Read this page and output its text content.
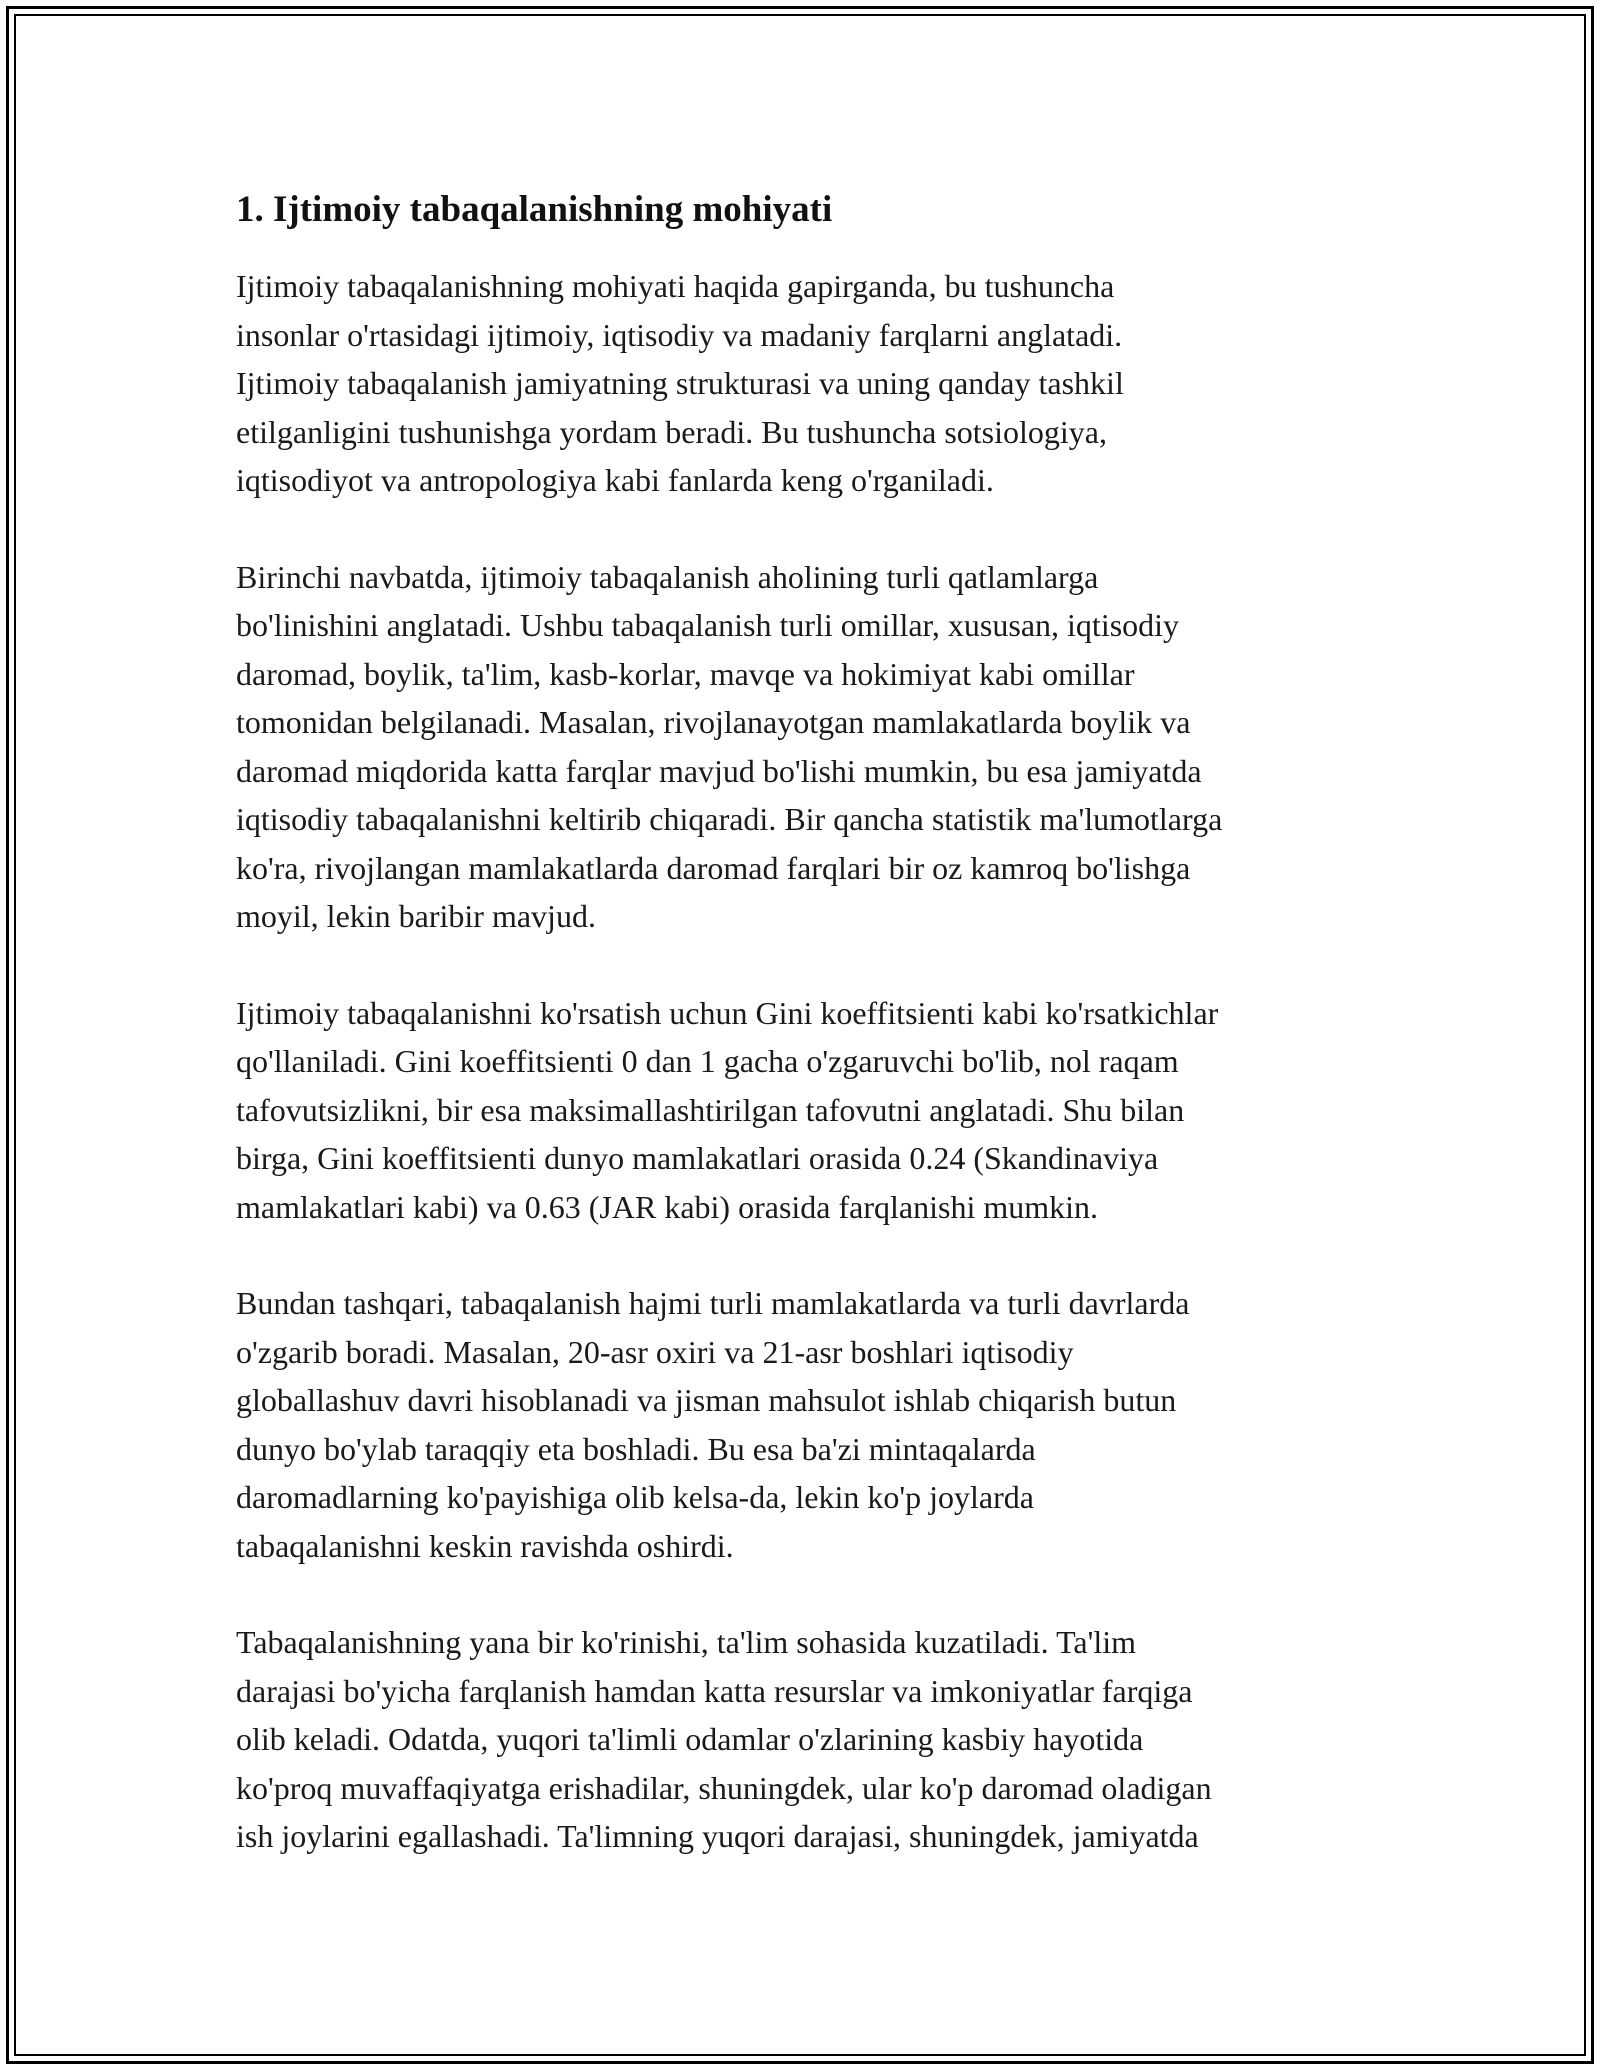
1. Ijtimoiy tabaqalanishning mohiyati

Ijtimoiy tabaqalanishning mohiyati haqida gapirganda, bu tushuncha
insonlar o'rtasidagi ijtimoiy, iqtisodiy va madaniy farqlarni anglatadi.
Ijtimoiy tabaqalanish jamiyatning strukturasi va uning qanday tashkil
etilganligini tushunishga yordam beradi. Bu tushuncha sotsiologiya,
iqtisodiyot va antropologiya kabi fanlarda keng o'rganiladi.

Birinchi navbatda, ijtimoiy tabaqalanish aholining turli qatlamlarga
bo'linishini anglatadi. Ushbu tabaqalanish turli omillar, xususan, iqtisodiy
daromad, boylik, ta'lim, kasb-korlar, mavqe va hokimiyat kabi omillar
tomonidan belgilanadi. Masalan, rivojlanayotgan mamlakatlarda boylik va
daromad miqdorida katta farqlar mavjud bo'lishi mumkin, bu esa jamiyatda
iqtisodiy tabaqalanishni keltirib chiqaradi. Bir qancha statistik ma'lumotlarga
ko'ra, rivojlangan mamlakatlarda daromad farqlari bir oz kamroq bo'lishga
moyil, lekin baribir mavjud.

Ijtimoiy tabaqalanishni ko'rsatish uchun Gini koeffitsienti kabi ko'rsatkichlar
qo'llaniladi. Gini koeffitsienti 0 dan 1 gacha o'zgaruvchi bo'lib, nol raqam
tafovutsizlikni, bir esa maksimallashtirilgan tafovutni anglatadi. Shu bilan
birga, Gini koeffitsienti dunyo mamlakatlari orasida 0.24 (Skandinaviya
mamlakatlari kabi) va 0.63 (JAR kabi) orasida farqlanishi mumkin.

Bundan tashqari, tabaqalanish hajmi turli mamlakatlarda va turli davrlarda
o'zgarib boradi. Masalan, 20-asr oxiri va 21-asr boshlari iqtisodiy
globallashuv davri hisoblanadi va jisman mahsulot ishlab chiqarish butun
dunyo bo'ylab taraqqiy eta boshladi. Bu esa ba'zi mintaqalarda
daromadlarning ko'payishiga olib kelsa-da, lekin ko'p joylarda
tabaqalanishni keskin ravishda oshirdi.

Tabaqalanishning yana bir ko'rinishi, ta'lim sohasida kuzatiladi. Ta'lim
darajasi bo'yicha farqlanish hamdan katta resurslar va imkoniyatlar farqiga
olib keladi. Odatda, yuqori ta'limli odamlar o'zlarining kasbiy hayotida
ko'proq muvaffaqiyatga erishadilar, shuningdek, ular ko'p daromad oladigan
ish joylarini egallashadi. Ta'limning yuqori darajasi, shuningdek, jamiyatda
